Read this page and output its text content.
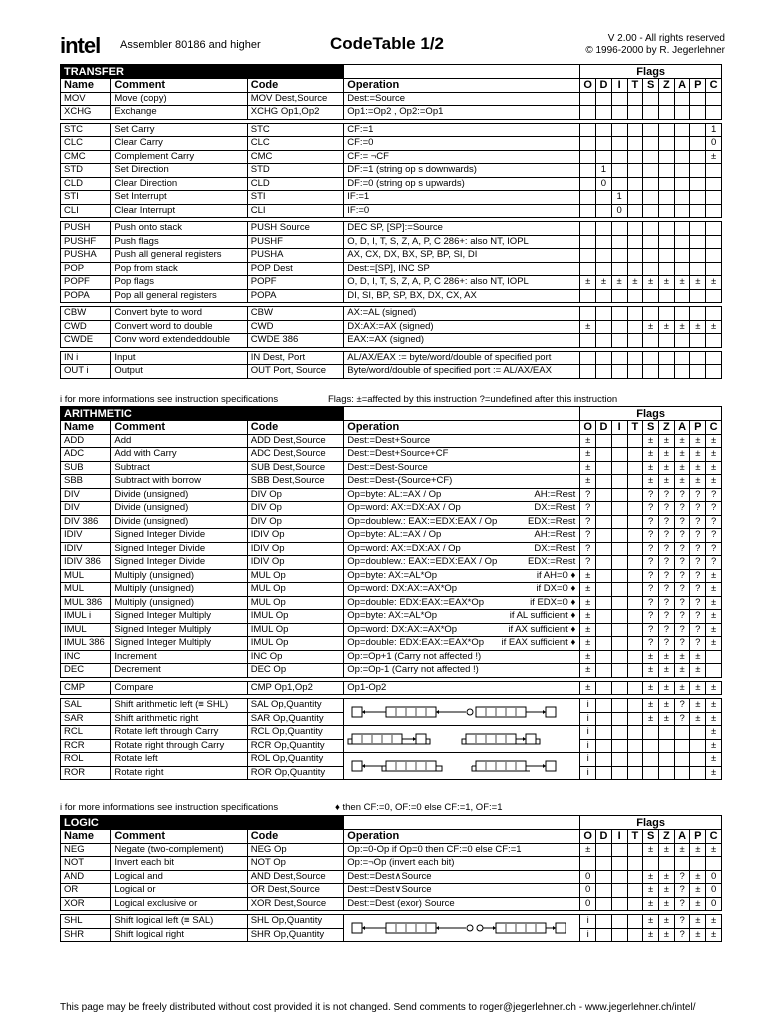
intel Assembler 80186 and higher	CodeTable 1/2	V 2.00 - All rights reserved
© 1996-2000 by R. Jegerlehner
TRANSFER				Flags								
Name	Comment	Code	Operation	O	D	I	T	S	Z	A	P	C
MOV	Move (copy)	MOV Dest,Source	Dest:=Source									
XCHG	Exchange	XCHG Op1,Op2	Op1:=Op2 , Op2:=Op1									

STC	Set Carry	STC	CF:=1									1
CLC	Clear Carry	CLC	CF:=0									0
CMC	Complement Carry	CMC	CF:= ¬CF									±
STD	Set Direction	STD	DF:=1 (string op s downwards)		1							
CLD	Clear Direction	CLD	DF:=0 (string op s upwards)		0							
STI	Set Interrupt	STI	IF:=1			1						
CLI	Clear Interrupt	CLI	IF:=0			0						

PUSH	Push onto stack	PUSH Source	DEC SP, [SP]:=Source									
PUSHF	Push flags	PUSHF	O, D, I, T, S, Z, A, P, C 286+: also NT, IOPL									
PUSHA	Push all general registers	PUSHA	AX, CX, DX, BX, SP, BP, SI, DI									
POP	Pop from stack	POP Dest	Dest:=[SP], INC SP									
POPF	Pop flags	POPF	O, D, I, T, S, Z, A, P, C 286+: also NT, IOPL	±	±	±	±	±	±	±	±	±
POPA	Pop all general registers	POPA	DI, SI, BP, SP, BX, DX, CX, AX									

CBW	Convert byte to word	CBW	AX:=AL (signed)									
CWD	Convert word to double	CWD	DX:AX:=AX (signed)	±				±	±	±	±	±
CWDE	Conv word extendeddouble	CWDE 386	EAX:=AX (signed)									

IN i	Input	IN Dest, Port	AL/AX/EAX := byte/word/double of specified port									
OUT i	Output	OUT Port, Source	Byte/word/double of specified port := AL/AX/EAX									
i for more informations see instruction specifications	Flags: ±=affected by this instruction ?=undefined after this instruction
ARITHMETIC				Flags								
Name	Comment	Code	Operation	O	D	I	T	S	Z	A	P	C
ADD	Add	ADD Dest,Source	Dest:=Dest+Source	±				±	±	±	±	±
ADC	Add with Carry	ADC Dest,Source	Dest:=Dest+Source+CF	±				±	±	±	±	±
SUB	Subtract	SUB Dest,Source	Dest:=Dest-Source	±				±	±	±	±	±
SBB	Subtract with borrow	SBB Dest,Source	Dest:=Dest-(Source+CF)	±				±	±	±	±	±
DIV	Divide (unsigned)	DIV Op	Op=byte: AL:=AX / Op AH:=Rest	?				?	?	?	?	?
DIV	Divide (unsigned)	DIV Op	Op=word: AX:=DX:AX / Op DX:=Rest	?				?	?	?	?	?
DIV 386	Divide (unsigned)	DIV Op	Op=doublew.: EAX:=EDX:EAX / Op EDX:=Rest	?				?	?	?	?	?
IDIV	Signed Integer Divide	IDIV Op	Op=byte: AL:=AX / Op AH:=Rest	?				?	?	?	?	?
IDIV	Signed Integer Divide	IDIV Op	Op=word: AX:=DX:AX / Op DX:=Rest	?				?	?	?	?	?
IDIV 386	Signed Integer Divide	IDIV Op	Op=doublew.: EAX:=EDX:EAX / Op EDX:=Rest	?				?	?	?	?	?
MUL	Multiply (unsigned)	MUL Op	Op=byte: AX:=AL*Op if AH=0 ♦	±				?	?	?	?	±
MUL	Multiply (unsigned)	MUL Op	Op=word: DX:AX:=AX*Op if DX=0 ♦	±				?	?	?	?	±
MUL 386	Multiply (unsigned)	MUL Op	Op=double: EDX:EAX:=EAX*Op if EDX=0 ♦	±				?	?	?	?	±
IMUL i	Signed Integer Multiply	IMUL Op	Op=byte: AX:=AL*Op if AL sufficient ♦	±				?	?	?	?	±
IMUL	Signed Integer Multiply	IMUL Op	Op=word: DX:AX:=AX*Op if AX sufficient ♦	±				?	?	?	?	±
IMUL 386	Signed Integer Multiply	IMUL Op	Op=double: EDX:EAX:=EAX*Op if EAX sufficient ♦	±				?	?	?	?	±
INC	Increment	INC Op	Op:=Op+1 (Carry not affected !)	±				±	±	±	±	
DEC	Decrement	DEC Op	Op:=Op-1 (Carry not affected !)	±				±	±	±	±	

CMP	Compare	CMP Op1,Op2	Op1-Op2	±				±	±	±	±	±

SAL	Shift arithmetic left (≡ SHL)	SAL Op,Quantity		i				±	±	?	±	±
SAR	Shift arithmetic right	SAR Op,Quantity		i				±	±	?	±	±
RCL	Rotate left through Carry	RCL Op,Quantity		i								±
RCR	Rotate right through Carry	RCR Op,Quantity		i								±
ROL	Rotate left	ROL Op,Quantity		i								±
ROR	Rotate right	ROR Op,Quantity		i								±
i for more informations see instruction specifications	♦ then CF:=0, OF:=0 else CF:=1, OF:=1
LOGIC				Flags								
Name	Comment	Code	Operation	O	D	I	T	S	Z	A	P	C
NEG	Negate (two-complement)	NEG Op	Op:=0-Op if Op=0 then CF:=0 else CF:=1	±				±	±	±	±	±
NOT	Invert each bit	NOT Op	Op:=¬Op (invert each bit)									
AND	Logical and	AND Dest,Source	Dest:=Dest∧Source	0				±	±	?	±	0
OR	Logical or	OR Dest,Source	Dest:=Dest∨Source	0				±	±	?	±	0
XOR	Logical exclusive or	XOR Dest,Source	Dest:=Dest (exor) Source	0				±	±	?	±	0

SHL	Shift logical left (≡ SAL)	SHL Op,Quantity		i				±	±	?	±	±
SHR	Shift logical right	SHR Op,Quantity		i				±	±	?	±	±
This page may be freely distributed without cost provided it is not changed. Send comments to roger@jegerlehner.ch - www.jegerlehner.ch/intel/
